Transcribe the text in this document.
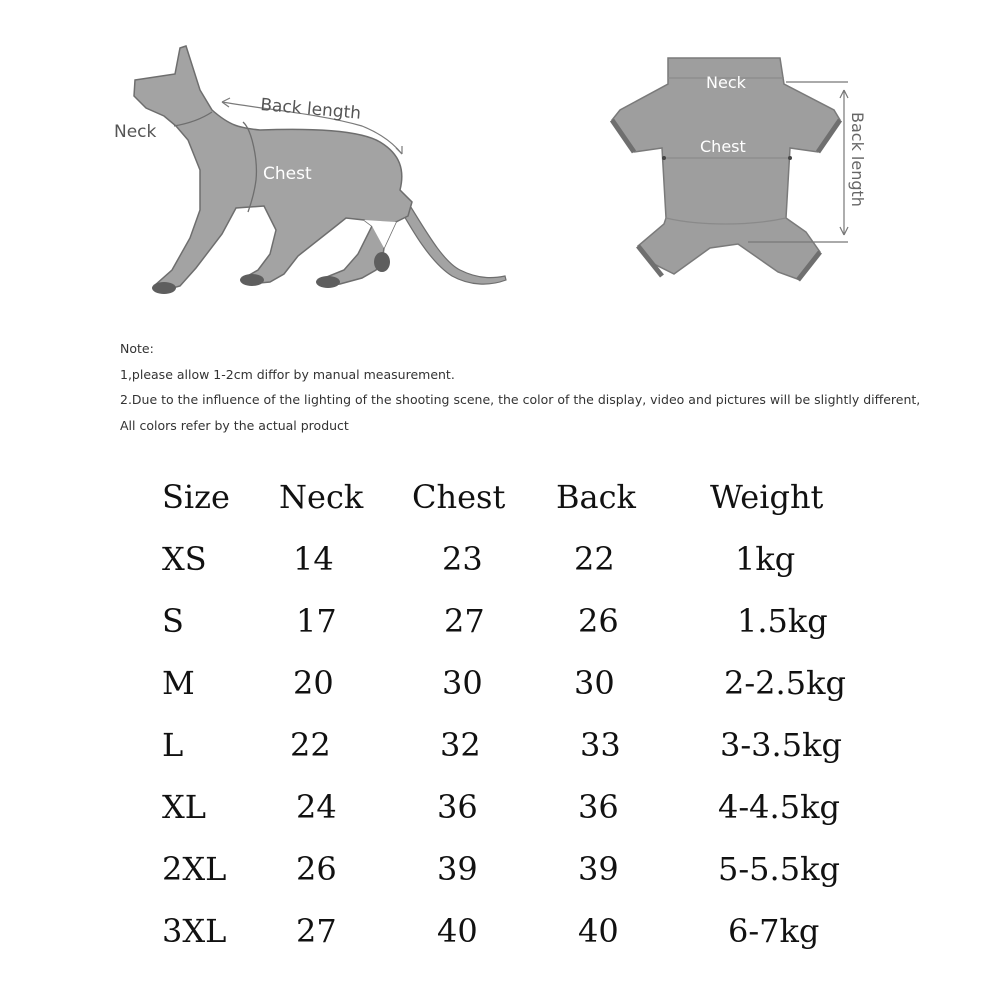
Neck
Back length
Chest
Neck
Chest	Back length
Note:
1,please allow 1-2cm diffor by manual measurement.
2.Due to the influence of the lighting of the shooting scene, the color of the display, video and pictures will be slightly different,
All colors refer by the actual product
Size Neck Chest Back Weight
XS	14	23	22	1kg
S	17	27	26	1.5kg
M	20	30	30	2-2.5kg
L	22	32	33	3-3.5kg
XL	24	36	36	4-4.5kg
2XL 26	39	39	5-5.5kg
3XL 27	40	40	6-7kg
